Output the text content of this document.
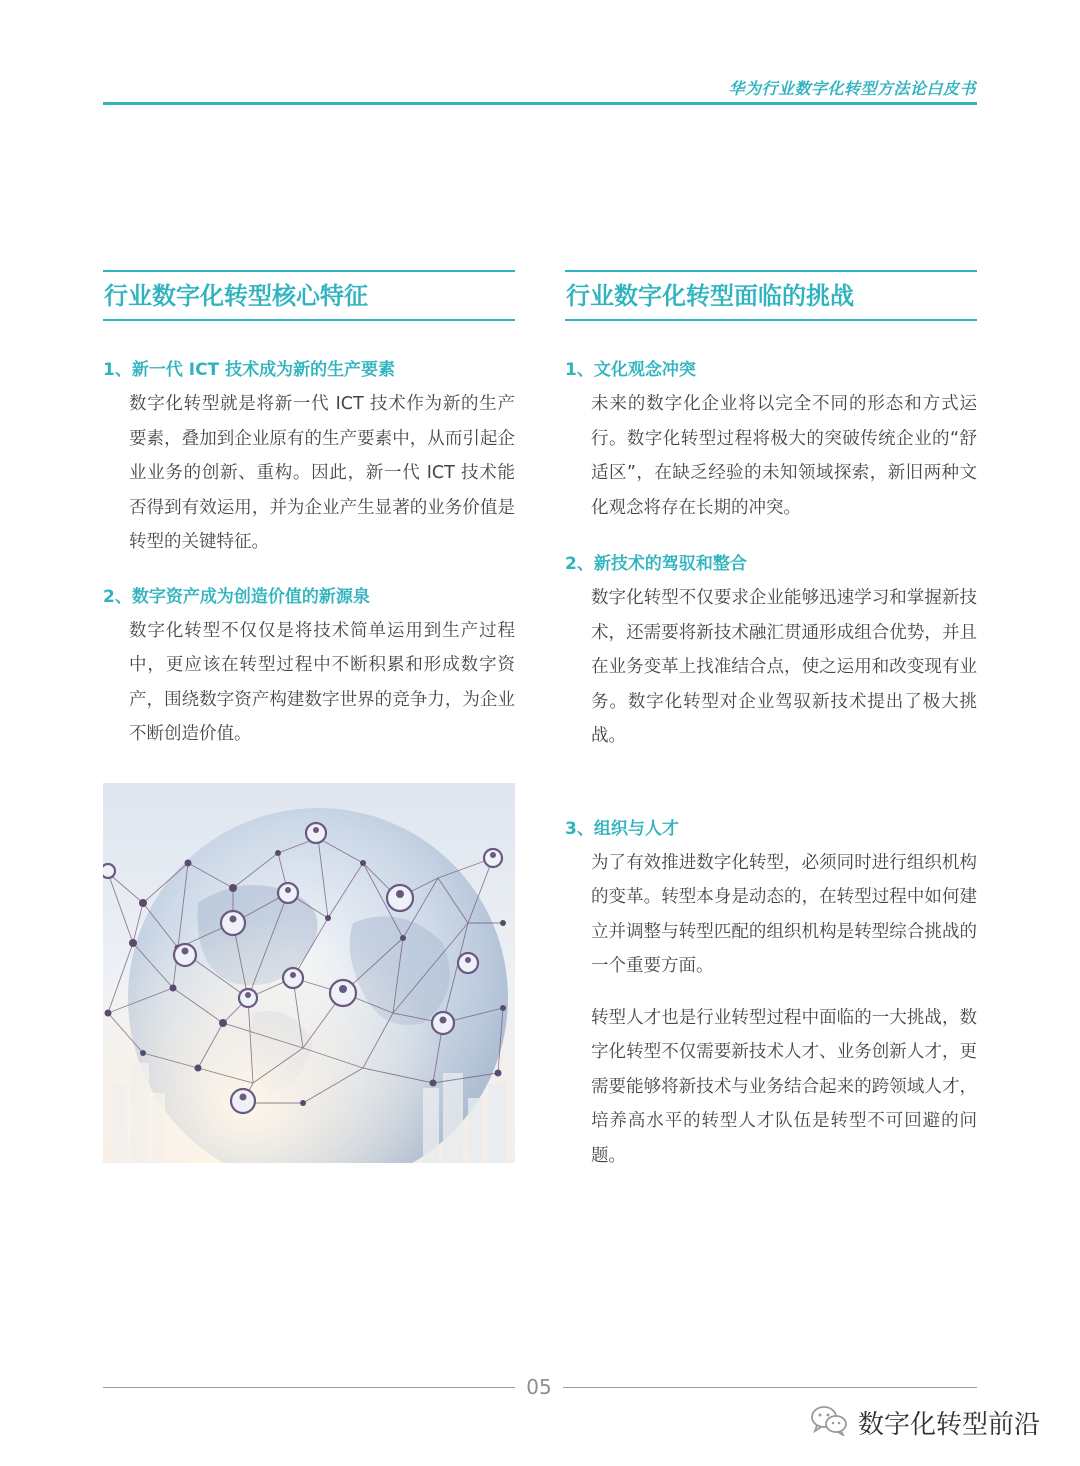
华为行业数字化转型方法论白皮书
行业数字化转型核心特征
1、新一代 ICT 技术成为新的生产要素

数字化转型就是将新一代 ICT 技术作为新的生产要素，叠加到企业原有的生产要素中，从而引起企业业务的创新、重构。因此，新一代 ICT 技术能否得到有效运用，并为企业产生显著的业务价值是转型的关键特征。

2、数字资产成为创造价值的新源泉

数字化转型不仅仅是将技术简单运用到生产过程中，更应该在转型过程中不断积累和形成数字资产，围绕数字资产构建数字世界的竞争力，为企业不断创造价值。

行业数字化转型面临的挑战
1、文化观念冲突

未来的数字化企业将以完全不同的形态和方式运行。数字化转型过程将极大的突破传统企业的“舒适区”，在缺乏经验的未知领域探索，新旧两种文化观念将存在长期的冲突。

2、新技术的驾驭和整合

数字化转型不仅要求企业能够迅速学习和掌握新技术，还需要将新技术融汇贯通形成组合优势，并且在业务变革上找准结合点，使之运用和改变现有业务。数字化转型对企业驾驭新技术提出了极大挑战。

3、组织与人才

为了有效推进数字化转型，必须同时进行组织机构的变革。转型本身是动态的，在转型过程中如何建立并调整与转型匹配的组织机构是转型综合挑战的一个重要方面。

转型人才也是行业转型过程中面临的一大挑战，数字化转型不仅需要新技术人才、业务创新人才，更需要能够将新技术与业务结合起来的跨领域人才，培养高水平的转型人才队伍是转型不可回避的问题。

05
数字化转型前沿
